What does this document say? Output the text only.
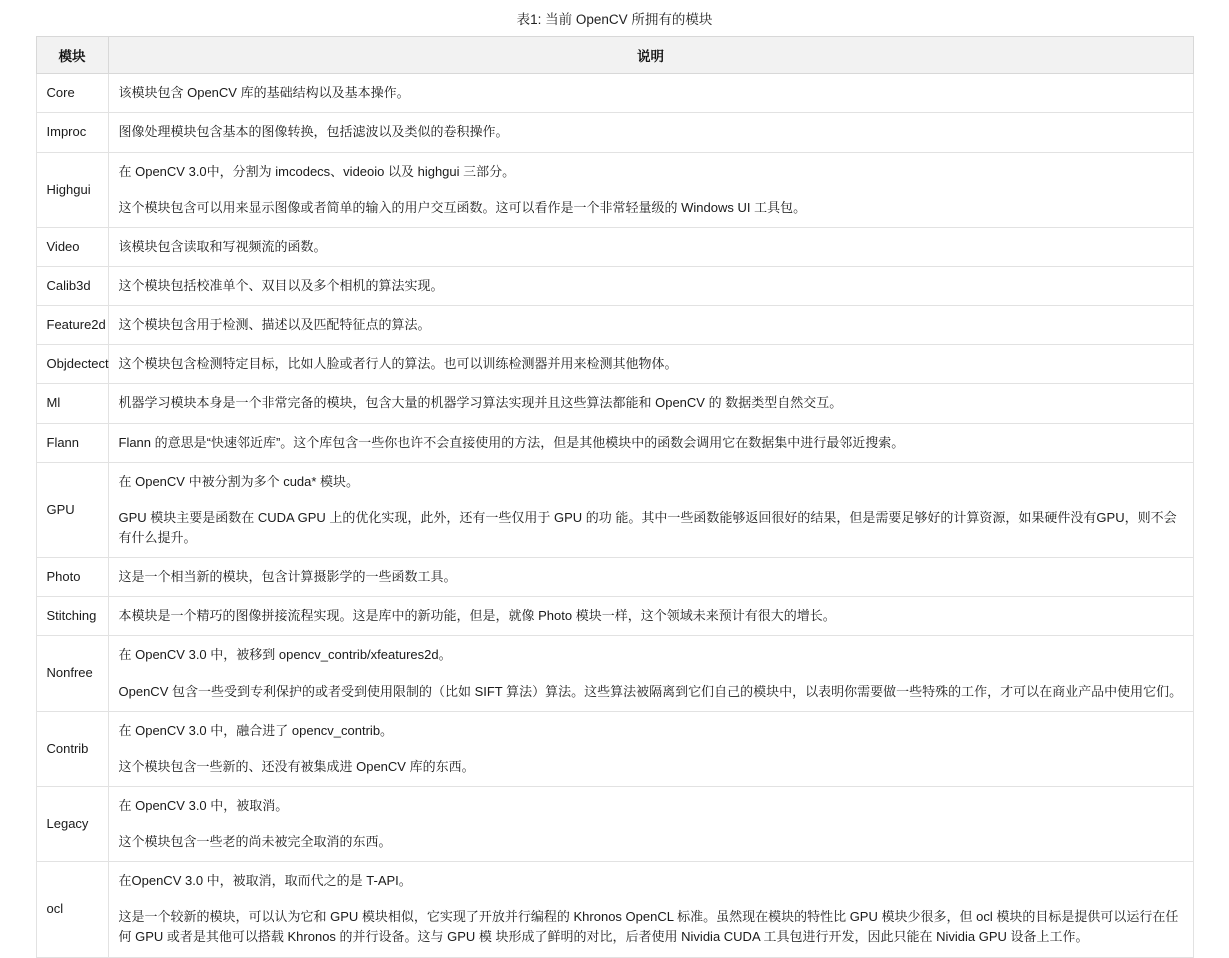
表1: 当前 OpenCV 所拥有的模块
模块	说明
Core	该模块包含 OpenCV 库的基础结构以及基本操作。

Improc	图像处理模块包含基本的图像转换，包括滤波以及类似的卷积操作。

Highgui	在 OpenCV 3.0中，分割为 imcodecs、videoio 以及 highgui 三部分。

这个模块包含可以用来显示图像或者简单的输入的用户交互函数。这可以看作是一个非常轻量级的 Windows UI 工具包。

Video	该模块包含读取和写视频流的函数。

Calib3d	这个模块包括校准单个、双目以及多个相机的算法实现。

Feature2d	这个模块包含用于检测、描述以及匹配特征点的算法。

Objdectect	这个模块包含检测特定目标，比如人脸或者行人的算法。也可以训练检测器并用来检测其他物体。

Ml	机器学习模块本身是一个非常完备的模块，包含大量的机器学习算法实现并且这些算法都能和 OpenCV 的 数据类型自然交互。

Flann	Flann 的意思是“快速邻近库”。这个库包含一些你也许不会直接使用的方法，但是其他模块中的函数会调用它在数据集中进行最邻近搜索。

GPU	在 OpenCV 中被分割为多个 cuda* 模块。

GPU 模块主要是函数在 CUDA GPU 上的优化实现，此外，还有一些仅用于 GPU 的功 能。其中一些函数能够返回很好的结果，但是需要足够好的计算资源，如果硬件没有GPU，则不会有什么提升。

Photo	这是一个相当新的模块，包含计算摄影学的一些函数工具。

Stitching	本模块是一个精巧的图像拼接流程实现。这是库中的新功能，但是，就像 Photo 模块一样，这个领域未来预计有很大的增长。

Nonfree	在 OpenCV 3.0 中，被移到 opencv_contrib/xfeatures2d。

OpenCV 包含一些受到专利保护的或者受到使用限制的（比如 SIFT 算法）算法。这些算法被隔离到它们自己的模块中，以表明你需要做一些特殊的工作，才可以在商业产品中使用它们。

Contrib	在 OpenCV 3.0 中，融合进了 opencv_contrib。

这个模块包含一些新的、还没有被集成进 OpenCV 库的东西。

Legacy	在 OpenCV 3.0 中，被取消。

这个模块包含一些老的尚未被完全取消的东西。

ocl	在OpenCV 3.0 中，被取消，取而代之的是 T-API。

这是一个较新的模块，可以认为它和 GPU 模块相似，它实现了开放并行编程的 Khronos OpenCL 标准。虽然现在模块的特性比 GPU 模块少很多，但 ocl 模块的目标是提供可以运行在任何 GPU 或者是其他可以搭载 Khronos 的并行设备。这与 GPU 模 块形成了鲜明的对比，后者使用 Nividia CUDA 工具包进行开发，因此只能在 Nividia GPU 设备上工作。
